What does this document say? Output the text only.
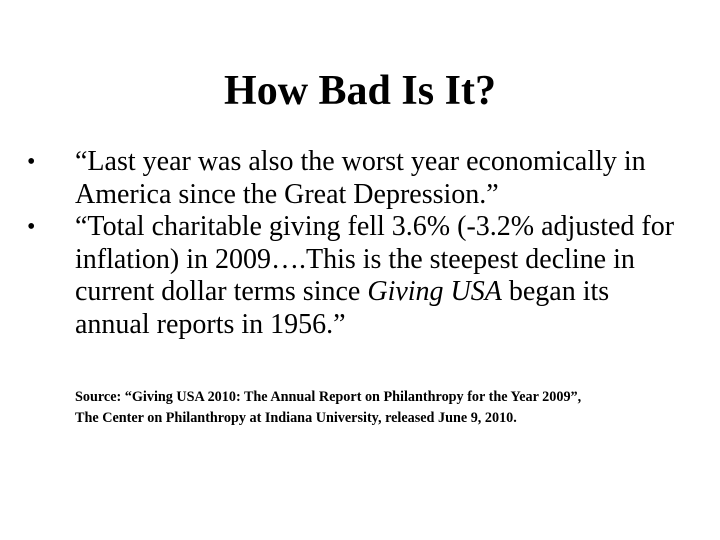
How Bad Is It?
•	“Last year was also the worst year economically in America since the Great Depression.”
•	“Total charitable giving fell 3.6% (-3.2% adjusted for inflation) in 2009….This is the steepest decline in current dollar terms since Giving USA began its annual reports in 1956.”
Source: “Giving USA 2010: The Annual Report on Philanthropy for the Year 2009”,
The Center on Philanthropy at Indiana University, released June 9, 2010.
